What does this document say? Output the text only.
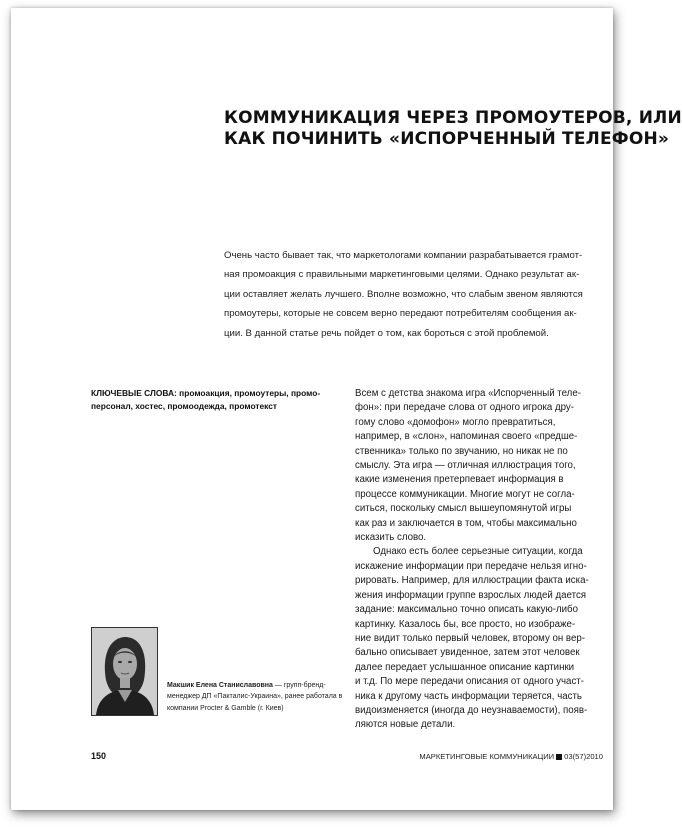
КОММУНИКАЦИЯ ЧЕРЕЗ ПРОМОУТЕРОВ, ИЛИ
КАК ПОЧИНИТЬ «ИСПОРЧЕННЫЙ ТЕЛЕФОН»
Очень часто бывает так, что маркетологами компании разрабатывается грамот-
ная промоакция с правильными маркетинговыми целями. Однако результат ак-
ции оставляет желать лучшего. Вполне возможно, что слабым звеном являются
промоутеры, которые не совсем верно передают потребителям сообщения ак-
ции. В данной статье речь пойдет о том, как бороться с этой проблемой.
КЛЮЧЕВЫЕ СЛОВА: промоакция, промоутеры, промо-
персонал, хостес, промоодежда, промотекст
Всем с детства знакома игра «Испорченный теле-
фон»: при передаче слова от одного игрока дру-
гому слово «домофон» могло превратиться,
например, в «слон», напоминая своего «предше-
ственника» только по звучанию, но никак не по
смыслу. Эта игра — отличная иллюстрация того,
какие изменения претерпевает информация в
процессе коммуникации. Многие могут не согла-
ситься, поскольку смысл вышеупомянутой игры
как раз и заключается в том, чтобы максимально
исказить слово.
Однако есть более серьезные ситуации, когда
искажение информации при передаче нельзя игно-
рировать. Например, для иллюстрации факта иска-
жения информации группе взрослых людей дается
задание: максимально точно описать какую-либо
картинку. Казалось бы, все просто, но изображе-
ние видит только первый человек, второму он вер-
бально описывает увиденное, затем этот человек
далее передает услышанное описание картинки
и т.д. По мере передачи описания от одного участ-
ника к другому часть информации теряется, часть
видоизменяется (иногда до неузнаваемости), появ-
ляются новые детали.
Макшик Елена Станиславовна — групп-бренд-
менеджер ДП «Пакталис-Украина», ранее работала в
компании Procter & Gamble (г. Киев)
150	МАРКЕТИНГОВЫЕ КОММУНИКАЦИИ 03(57)2010
